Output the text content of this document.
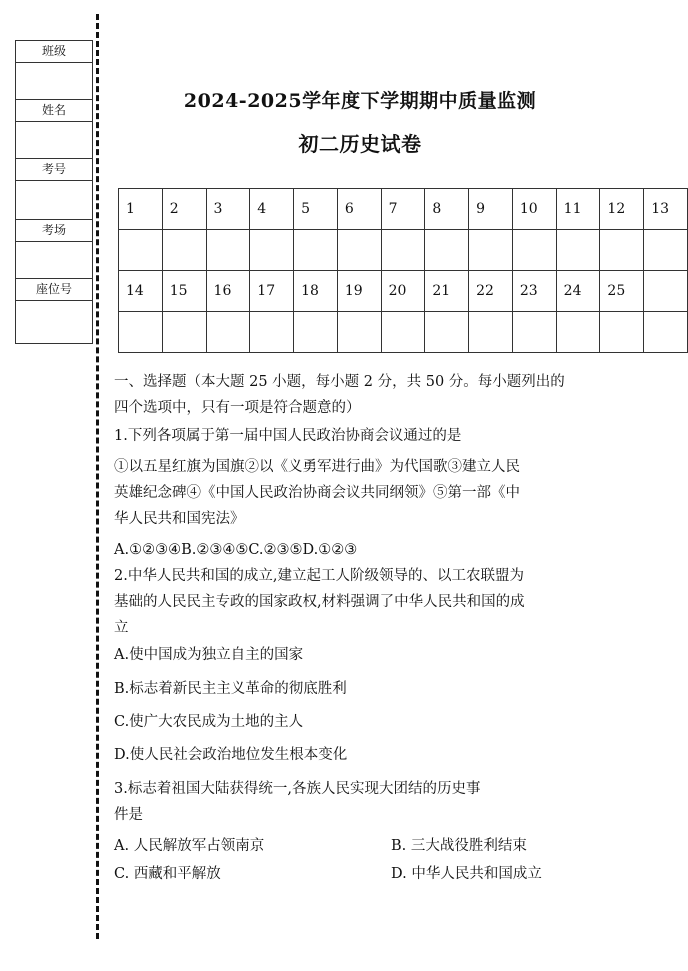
班级
姓名
考号
考场
座位号
2024-2025学年度下学期期中质量监测
初二历史试卷
1	2	3	4	5	6	7	8	9	10	11	12	13

14	15	16	17	18	19	20	21	22	23	24	25	

一、选择题（本大题 25 小题，每小题 2 分，共 50 分。每小题列出的
四个选项中，只有一项是符合题意的）
1.下列各项属于第一届中国人民政治协商会议通过的是
①以五星红旗为国旗②以《义勇军进行曲》为代国歌③建立人民
英雄纪念碑④《中国人民政治协商会议共同纲领》⑤第一部《中
华人民共和国宪法》
A.①②③④B.②③④⑤C.②③⑤D.①②③
2.中华人民共和国的成立,建立起工人阶级领导的、以工农联盟为
基础的人民民主专政的国家政权,材料强调了中华人民共和国的成
立
A.使中国成为独立自主的国家
B.标志着新民主主义革命的彻底胜利
C.使广大农民成为土地的主人
D.使人民社会政治地位发生根本变化
3.标志着祖国大陆获得统一,各族人民实现大团结的历史事
件是
A. 人民解放军占领南京	B. 三大战役胜利结束
C. 西藏和平解放	D. 中华人民共和国成立
